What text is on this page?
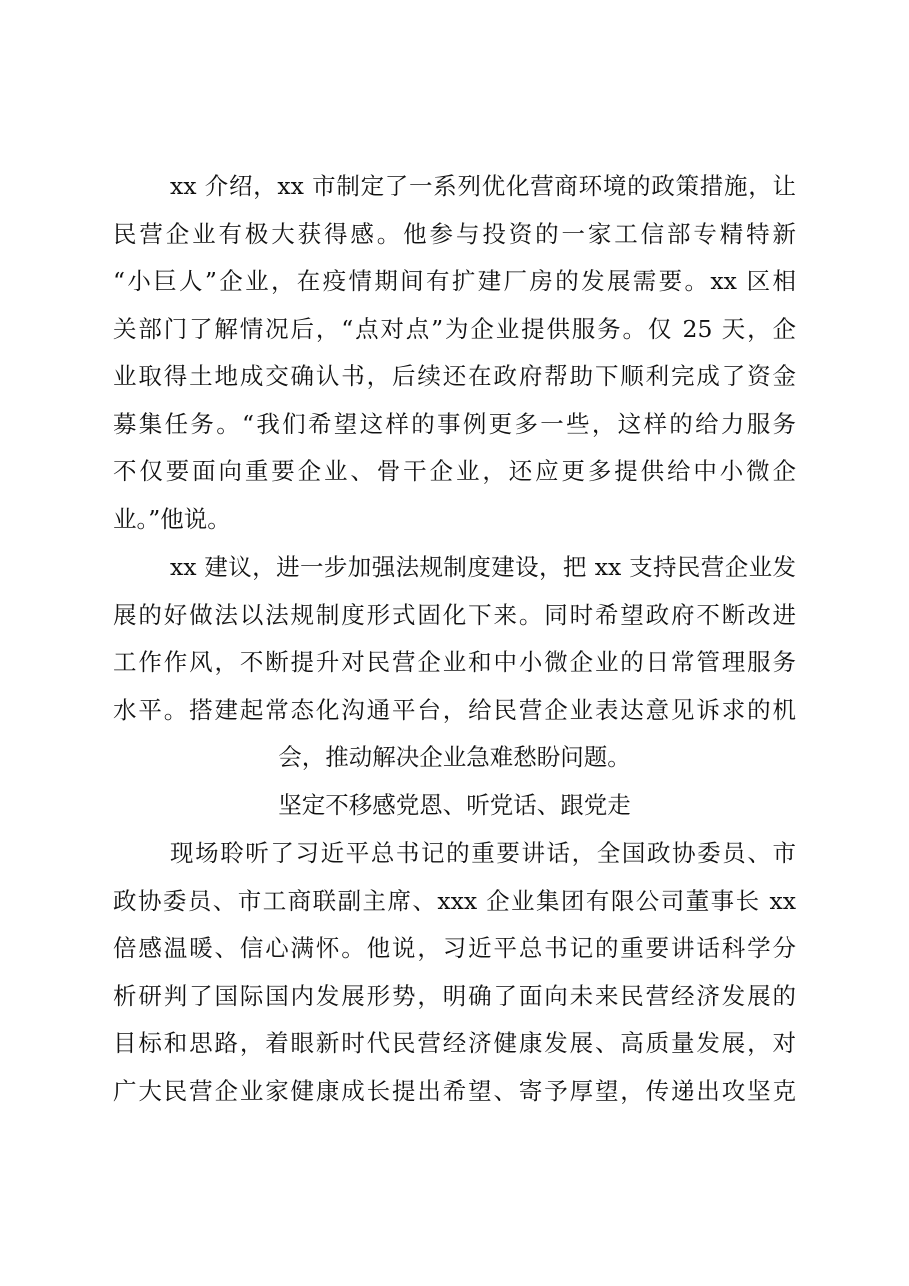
xx 介绍，xx 市制定了一系列优化营商环境的政策措施，让
民营企业有极大获得感。他参与投资的一家工信部专精特新
“小巨人”企业，在疫情期间有扩建厂房的发展需要。xx 区相
关部门了解情况后，“点对点”为企业提供服务。仅 25 天，企
业取得土地成交确认书，后续还在政府帮助下顺利完成了资金
募集任务。“我们希望这样的事例更多一些，这样的给力服务
不仅要面向重要企业、骨干企业，还应更多提供给中小微企
业。”他说。
xx 建议，进一步加强法规制度建设，把 xx 支持民营企业发
展的好做法以法规制度形式固化下来。同时希望政府不断改进
工作作风，不断提升对民营企业和中小微企业的日常管理服务
水平。搭建起常态化沟通平台，给民营企业表达意见诉求的机
会，推动解决企业急难愁盼问题。
坚定不移感党恩、听党话、跟党走
现场聆听了习近平总书记的重要讲话，全国政协委员、市
政协委员、市工商联副主席、xxx 企业集团有限公司董事长 xx
倍感温暖、信心满怀。他说，习近平总书记的重要讲话科学分
析研判了国际国内发展形势，明确了面向未来民营经济发展的
目标和思路，着眼新时代民营经济健康发展、高质量发展，对
广大民营企业家健康成长提出希望、寄予厚望，传递出攻坚克
